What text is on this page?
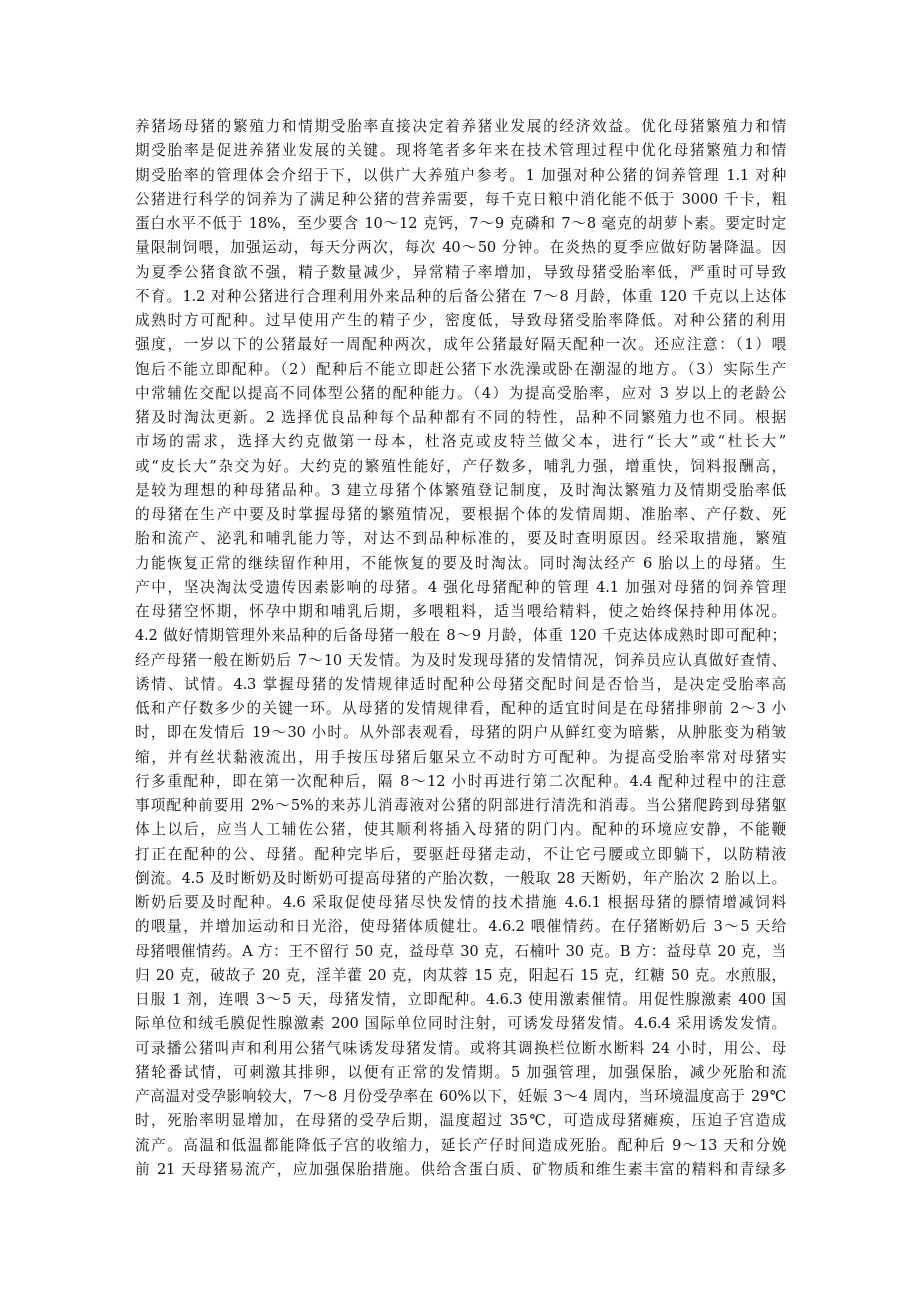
养猪场母猪的繁殖力和情期受胎率直接决定着养猪业发展的经济效益。优化母猪繁殖力和情
期受胎率是促进养猪业发展的关键。现将笔者多年来在技术管理过程中优化母猪繁殖力和情
期受胎率的管理体会介绍于下，以供广大养殖户参考。1 加强对种公猪的饲养管理 1.1 对种
公猪进行科学的饲养为了满足种公猪的营养需要，每千克日粮中消化能不低于 3000 千卡，粗
蛋白水平不低于 18%，至少要含 10～12 克钙，7～9 克磷和 7～8 毫克的胡萝卜素。要定时定
量限制饲喂，加强运动，每天分两次，每次 40～50 分钟。在炎热的夏季应做好防暑降温。因
为夏季公猪食欲不强，精子数量减少，异常精子率增加，导致母猪受胎率低，严重时可导致
不育。1.2 对种公猪进行合理利用外来品种的后备公猪在 7～8 月龄，体重 120 千克以上达体
成熟时方可配种。过早使用产生的精子少，密度低，导致母猪受胎率降低。对种公猪的利用
强度，一岁以下的公猪最好一周配种两次，成年公猪最好隔天配种一次。还应注意：（1）喂
饱后不能立即配种。（2）配种后不能立即赶公猪下水洗澡或卧在潮湿的地方。（3）实际生产
中常辅佐交配以提高不同体型公猪的配种能力。（4）为提高受胎率，应对 3 岁以上的老龄公
猪及时淘汰更新。2 选择优良品种每个品种都有不同的特性，品种不同繁殖力也不同。根据
市场的需求，选择大约克做第一母本，杜洛克或皮特兰做父本，进行“长大”或“杜长大”
或“皮长大”杂交为好。大约克的繁殖性能好，产仔数多，哺乳力强，增重快，饲料报酬高，
是较为理想的种母猪品种。3 建立母猪个体繁殖登记制度，及时淘汰繁殖力及情期受胎率低
的母猪在生产中要及时掌握母猪的繁殖情况，要根据个体的发情周期、准胎率、产仔数、死
胎和流产、泌乳和哺乳能力等，对达不到品种标准的，要及时查明原因。经采取措施，繁殖
力能恢复正常的继续留作种用，不能恢复的要及时淘汰。同时淘汰经产 6 胎以上的母猪。生
产中，坚决淘汰受遗传因素影响的母猪。4 强化母猪配种的管理 4.1 加强对母猪的饲养管理
在母猪空怀期，怀孕中期和哺乳后期，多喂粗料，适当喂给精料，使之始终保持种用体况。
4.2 做好情期管理外来品种的后备母猪一般在 8～9 月龄，体重 120 千克达体成熟时即可配种；
经产母猪一般在断奶后 7～10 天发情。为及时发现母猪的发情情况，饲养员应认真做好查情、
诱情、试情。4.3 掌握母猪的发情规律适时配种公母猪交配时间是否恰当，是决定受胎率高
低和产仔数多少的关键一环。从母猪的发情规律看，配种的适宜时间是在母猪排卵前 2～3 小
时，即在发情后 19～30 小时。从外部表观看，母猪的阴户从鲜红变为暗紫，从肿胀变为稍皱
缩，并有丝状黏液流出，用手按压母猪后躯呆立不动时方可配种。为提高受胎率常对母猪实
行多重配种，即在第一次配种后，隔 8～12 小时再进行第二次配种。4.4 配种过程中的注意
事项配种前要用 2%～5%的来苏儿消毒液对公猪的阴部进行清洗和消毒。当公猪爬跨到母猪躯
体上以后，应当人工辅佐公猪，使其顺利将插入母猪的阴门内。配种的环境应安静，不能鞭
打正在配种的公、母猪。配种完毕后，要驱赶母猪走动，不让它弓腰或立即躺下，以防精液
倒流。4.5 及时断奶及时断奶可提高母猪的产胎次数，一般取 28 天断奶，年产胎次 2 胎以上。
断奶后要及时配种。4.6 采取促使母猪尽快发情的技术措施 4.6.1 根据母猪的膘情增减饲料
的喂量，并增加运动和日光浴，使母猪体质健壮。4.6.2 喂催情药。在仔猪断奶后 3～5 天给
母猪喂催情药。A 方：王不留行 50 克，益母草 30 克，石楠叶 30 克。B 方：益母草 20 克，当
归 20 克，破故子 20 克，淫羊藿 20 克，肉苁蓉 15 克，阳起石 15 克，红糖 50 克。水煎服，
日服 1 剂，连喂 3～5 天，母猪发情，立即配种。4.6.3 使用激素催情。用促性腺激素 400 国
际单位和绒毛膜促性腺激素 200 国际单位同时注射，可诱发母猪发情。4.6.4 采用诱发发情。
可录播公猪叫声和利用公猪气味诱发母猪发情。或将其调换栏位断水断料 24 小时，用公、母
猪轮番试情，可刺激其排卵，以便有正常的发情期。5 加强管理，加强保胎，减少死胎和流
产高温对受孕影响较大，7～8 月份受孕率在 60%以下，妊娠 3～4 周内，当环境温度高于 29℃
时，死胎率明显增加，在母猪的受孕后期，温度超过 35℃，可造成母猪瘫痪，压迫子宫造成
流产。高温和低温都能降低子宫的收缩力，延长产仔时间造成死胎。配种后 9～13 天和分娩
前 21 天母猪易流产，应加强保胎措施。供给含蛋白质、矿物质和维生素丰富的精料和青绿多
